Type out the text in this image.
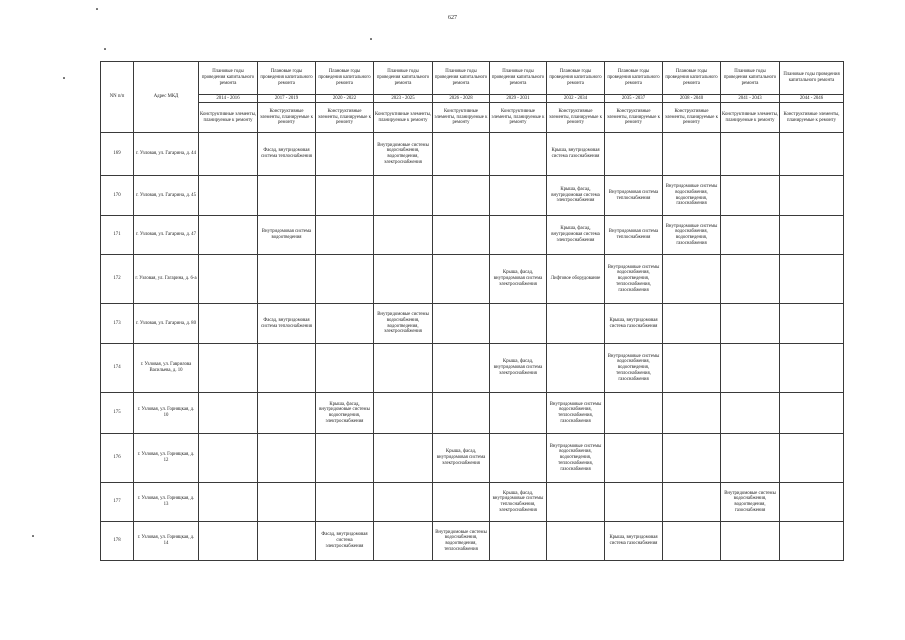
627
NN п/п	Адрес МКД	Плановые годы проведения капитального ремонта	Плановые годы проведения капитального ремонта	Плановые годы проведения капитального ремонта	Плановые годы проведения капитального ремонта	Плановые годы проведения капитального ремонта	Плановые годы проведения капитального ремонта	Плановые годы проведения капитального ремонта	Плановые годы проведения капитального ремонта	Плановые годы проведения капитального ремонта	Плановые годы проведения капитального ремонта	Плановые годы проведения капитального ремонта
		2014 - 2016	2017 - 2019	2020 - 2022	2023 - 2025	2026 - 2028	2029 - 2031	2032 - 2034	2035 - 2037	2038 - 2040	2041 - 2043	2044 - 2046
		Конструктивные элементы, планируемые к ремонту	Конструктивные элементы, планируемые к ремонту	Конструктивные элементы, планируемые к ремонту	Конструктивные элементы, планируемые к ремонту	Конструктивные элементы, планируемые к ремонту	Конструктивные элементы, планируемые к ремонту	Конструктивные элементы, планируемые к ремонту	Конструктивные элементы, планируемые к ремонту	Конструктивные элементы, планируемые к ремонту	Конструктивные элементы, планируемые к ремонту	Конструктивные элементы, планируемые к ремонту
169	г. Узловая, ул. Гагарина, д. 44		Фасад, внутридомовая система теплоснабжения		Внутридомовые системы водоснабжения, водоотведения, электроснабжения			Крыша, внутридомовая система газоснабжения				
170	г. Узловая, ул. Гагарина, д. 45							Крыша, фасад, внутридомовая система электроснабжения	Внутридомовая система теплоснабжения	Внутридомовые системы водоснабжения, водоотведения, газоснабжения		
171	г. Узловая, ул. Гагарина, д. 47		Внутридомовая система водоотведения					Крыша, фасад, внутридомовая система электроснабжения	Внутридомовая система теплоснабжения	Внутридомовые системы водоснабжения, водоотведения, газоснабжения		
172	г. Узловая, ул. Гагарина, д. 6-а						Крыша, фасад, внутридомовая система электроснабжения	Лифтовое оборудование	Внутридомовые системы водоснабжения, водоотведения, теплоснабжения, газоснабжения			
173	г. Узловая, ул. Гагарина, д. 80		Фасад, внутридомовая система теплоснабжения		Внутридомовые системы водоснабжения, водоотведения, электроснабжения				Крыша, внутридомовая система газоснабжения			
174	г. Узловая, ул. Гаврилова Васильева, д. 10						Крыша, фасад, внутридомовая система электроснабжения		Внутридомовые системы водоснабжения, водоотведения, теплоснабжения, газоснабжения			
175	г. Узловая, ул. Горняцкая, д. 10			Крыша, фасад, внутридомовые системы водоотведения, электроснабжения				Внутридомовые системы водоснабжения, теплоснабжения, газоснабжения				
176	г. Узловая, ул. Горняцкая, д. 12					Крыша, фасад, внутридомовая система электроснабжения		Внутридомовые системы водоснабжения, водоотведения, теплоснабжения, газоснабжения				
177	г. Узловая, ул. Горняцкая, д. 13						Крыша, фасад, внутридомовые системы теплоснабжения, электроснабжения				Внутридомовые системы водоснабжения, водоотведения, газоснабжения	
178	г. Узловая, ул. Горняцкая, д. 14			Фасад, внутридомовая система электроснабжения		Внутридомовые системы водоснабжения, водоотведения, теплоснабжения			Крыша, внутридомовая система газоснабжения			
